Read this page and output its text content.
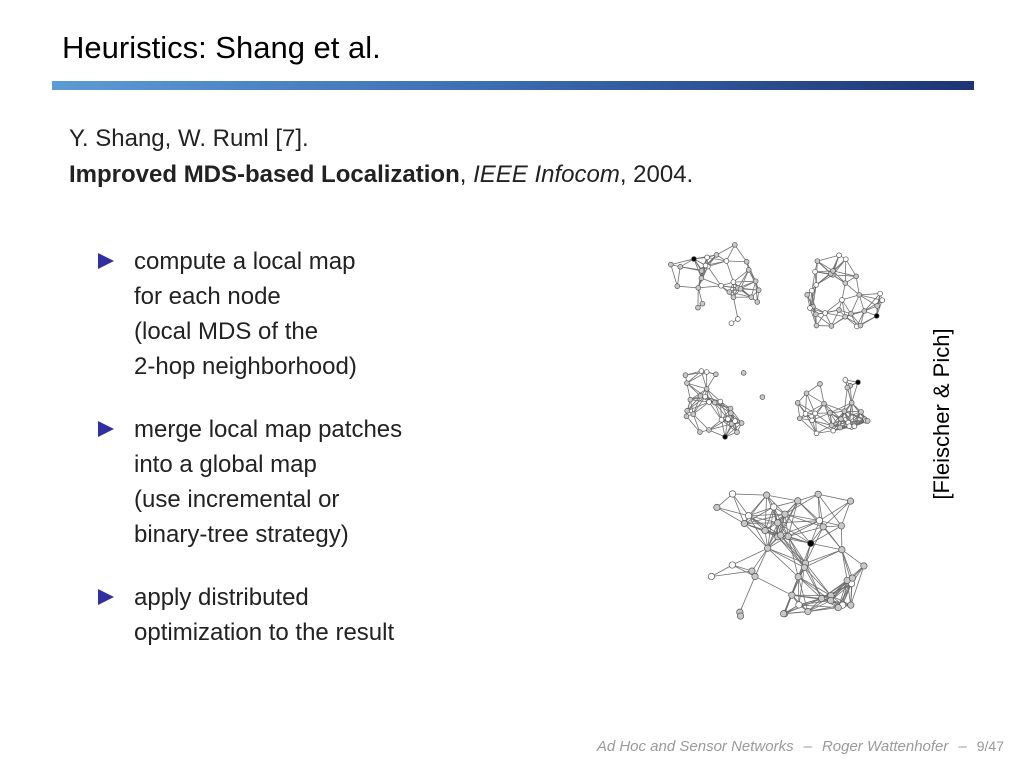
Heuristics: Shang et al.
Y. Shang, W. Ruml [7].
Improved MDS-based Localization, IEEE Infocom, 2004.
compute a local map
for each node
(local MDS of the
2-hop neighborhood)
merge local map patches
into a global map
(use incremental or
binary-tree strategy)
apply distributed
optimization to the result
[Fleischer & Pich]
Ad Hoc and Sensor Networks – Roger Wattenhofer – 9/47
